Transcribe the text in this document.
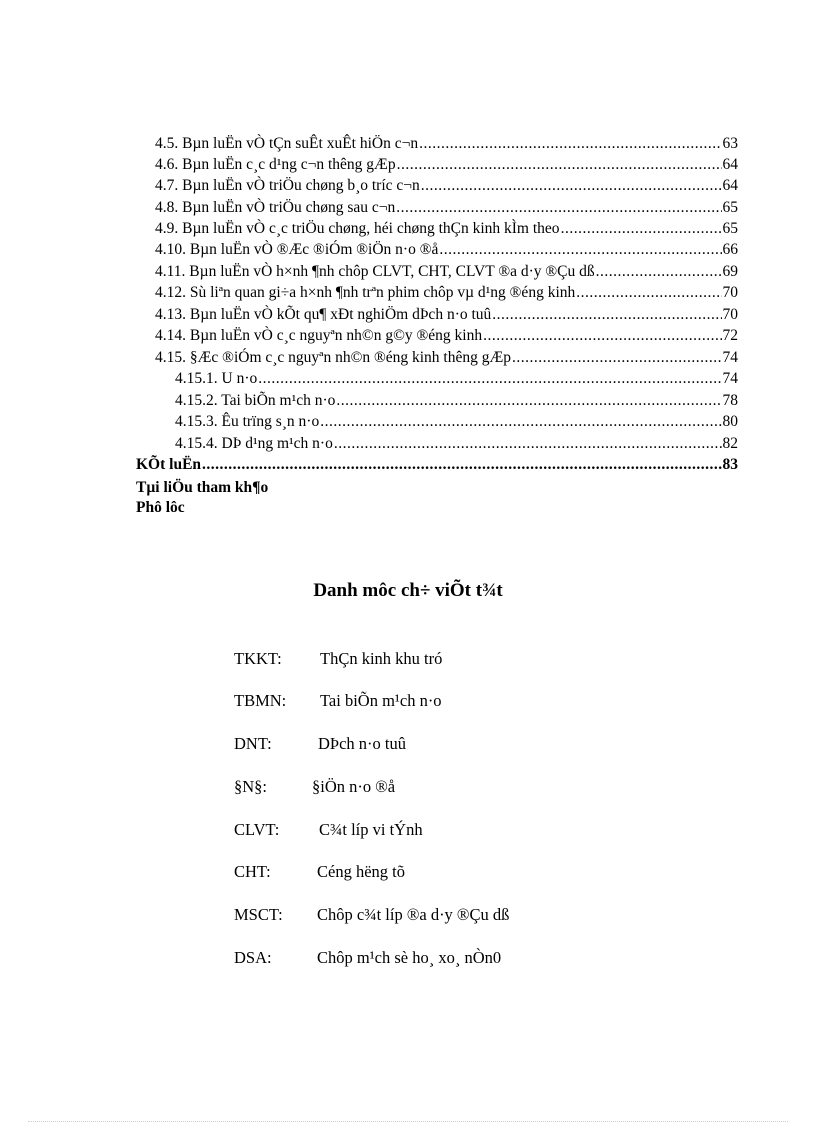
4.5. Bµn luËn vÒ tÇn suÊt xuÊt hiÖn c¬n .....	63
4.6. Bµn luËn c¸c d¹ng c¬n thêng gÆp .....	64
4.7. Bµn luËn vÒ triÖu chøng b¸o tríc c¬n .....	64
4.8. Bµn luËn vÒ triÖu chøng sau c¬n .....	65
4.9. Bµn luËn vÒ c¸c triÖu chøng, héi chøng thÇn kinh kÌm theo .....	65
4.10. Bµn luËn vÒ ®Æc ®iÓm ®iÖn n·o ®å .....	66
4.11. Bµn luËn vÒ h×nh ¶nh chôp CLVT, CHT, CLVT ®a d·y ®Çu dß .....	69
4.12. Sù liªn quan gi÷a h×nh ¶nh trªn phim chôp vµ d¹ng ®éng kinh .....	70
4.13. Bµn luËn vÒ kÕt qu¶ xÐt nghiÖm dÞch n·o tuû .....	70
4.14. Bµn luËn vÒ c¸c nguyªn nh©n g©y ®éng kinh .....	72
4.15. §Æc ®iÓm c¸c nguyªn nh©n ®éng kinh thêng gÆp .....	74
4.15.1. U n·o .....	74
4.15.2. Tai biÕn m¹ch n·o .....	78
4.15.3. Êu trïng s¸n n·o .....	80
4.15.4. DÞ d¹ng m¹ch n·o .....	82
KÕt luËn .....	83
Tµi liÖu tham kh¶o
Phô lôc
Danh môc ch÷ viÕt t¾t
TKKT: ThÇn kinh khu tró
TBMN: Tai biÕn m¹ch n·o
DNT:	DÞch n·o tuû
§N§:	§iÖn n·o ®å
CLVT: C¾t líp vi tÝnh
CHT:	Céng hëng tõ
MSCT: Chôp c¾t líp ®a d·y ®Çu dß
DSA:	Chôp m¹ch sè ho¸ xo¸ nÒn0
